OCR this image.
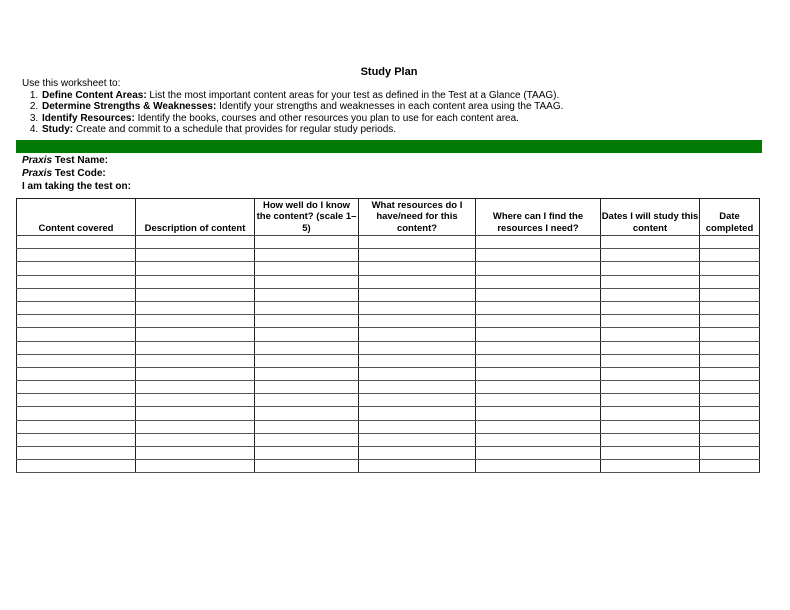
Study Plan
Use this worksheet to:
1. Define Content Areas: List the most important content areas for your test as defined in the Test at a Glance (TAAG).
2. Determine Strengths & Weaknesses: Identify your strengths and weaknesses in each content area using the TAAG.
3. Identify Resources: Identify the books, courses and other resources you plan to use for each content area.
4. Study: Create and commit to a schedule that provides for regular study periods.
Praxis Test Name:
Praxis Test Code:
I am taking the test on:
Content covered	Description of content	How well do I know the content? (scale 1–5)	What resources do I have/need for this content?	Where can I find the resources I need?	Dates I will study this content	Date completed
